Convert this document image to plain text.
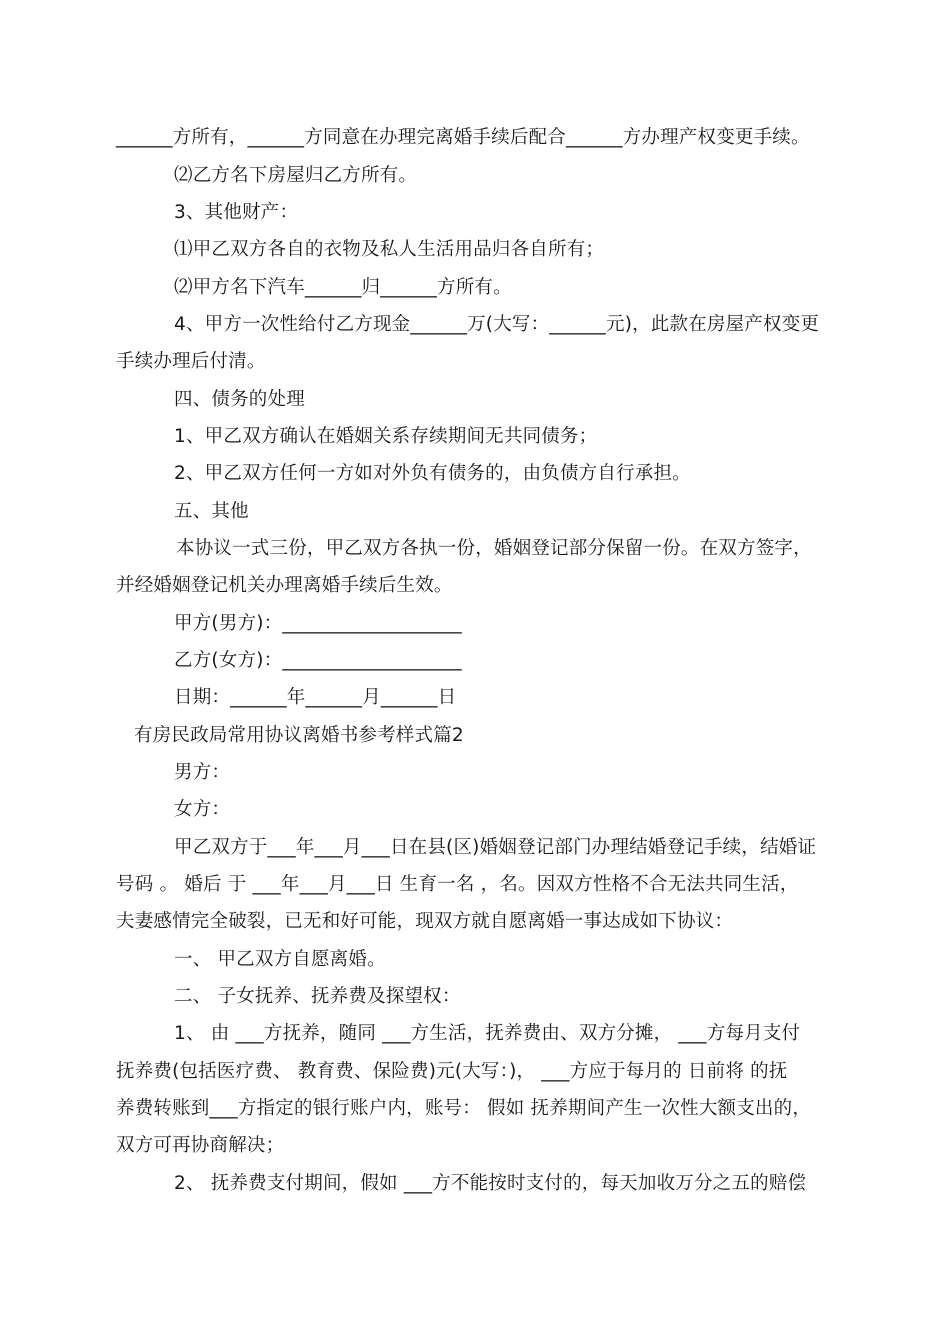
______方所有，______方同意在办理完离婚手续后配合______方办理产权变更手续。
⑵乙方名下房屋归乙方所有。
3、其他财产：
⑴甲乙双方各自的衣物及私人生活用品归各自所有；
⑵甲方名下汽车______归______方所有。
4、甲方一次性给付乙方现金______万(大写：______元)，此款在房屋产权变更
手续办理后付清。
四、债务的处理
1、甲乙双方确认在婚姻关系存续期间无共同债务；
2、甲乙双方任何一方如对外负有债务的，由负债方自行承担。
五、其他
本协议一式三份，甲乙双方各执一份，婚姻登记部分保留一份。在双方签字，
并经婚姻登记机关办理离婚手续后生效。
甲方(男方)：___________________
乙方(女方)：___________________
日期：______年______月______日
有房民政局常用协议离婚书参考样式篇2
男方：
女方：
甲乙双方于___年___月___日在县(区)婚姻登记部门办理结婚登记手续，结婚证
号码 。 婚后 于 ___年___月___日 生育一名 ，名。因双方性格不合无法共同生活，
夫妻感情完全破裂，已无和好可能，现双方就自愿离婚一事达成如下协议：
一、 甲乙双方自愿离婚。
二、 子女抚养、抚养费及探望权：
1、 由 ___方抚养，随同 ___方生活，抚养费由、双方分摊， ___方每月支付
抚养费(包括医疗费、 教育费、保险费)元(大写：)， ___方应于每月的 日前将 的抚
养费转账到___方指定的银行账户内，账号： 假如 抚养期间产生一次性大额支出的，
双方可再协商解决；
2、 抚养费支付期间，假如 ___方不能按时支付的，每天加收万分之五的赔偿
